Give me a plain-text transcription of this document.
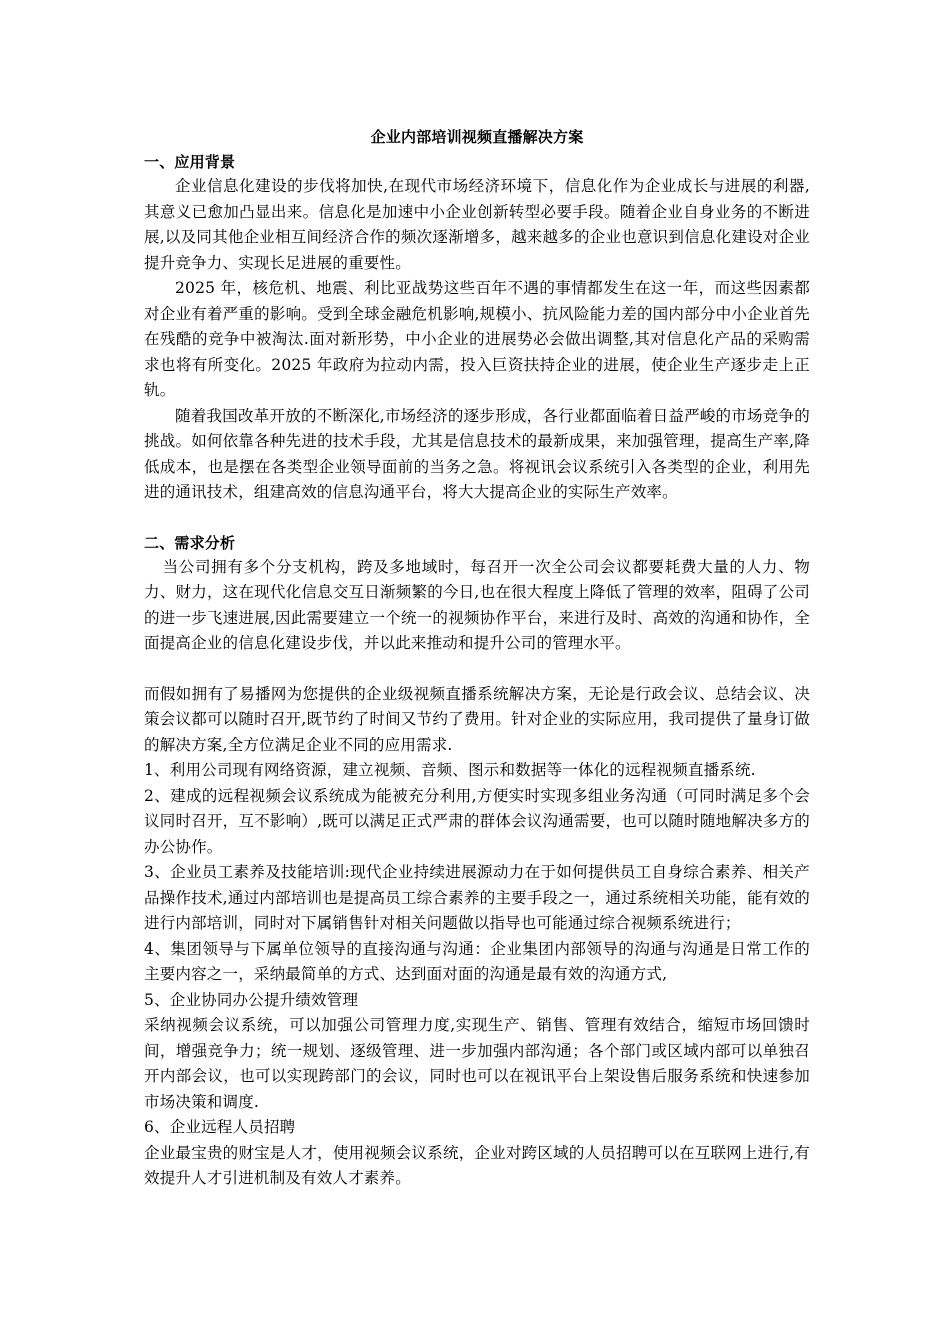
企业内部培训视频直播解决方案
一、应用背景

企业信息化建设的步伐将加快,在现代市场经济环境下，信息化作为企业成长与进展的利器,其意义已愈加凸显出来。信息化是加速中小企业创新转型必要手段。随着企业自身业务的不断进展,以及同其他企业相互间经济合作的频次逐渐增多，越来越多的企业也意识到信息化建设对企业提升竞争力、实现长足进展的重要性。

2025 年，核危机、地震、利比亚战势这些百年不遇的事情都发生在这一年，而这些因素都对企业有着严重的影响。受到全球金融危机影响,规模小、抗风险能力差的国内部分中小企业首先在残酷的竞争中被淘汰.面对新形势，中小企业的进展势必会做出调整,其对信息化产品的采购需求也将有所变化。2025 年政府为拉动内需，投入巨资扶持企业的进展，使企业生产逐步走上正轨。

随着我国改革开放的不断深化,市场经济的逐步形成，各行业都面临着日益严峻的市场竞争的挑战。如何依靠各种先进的技术手段，尤其是信息技术的最新成果，来加强管理，提高生产率,降低成本，也是摆在各类型企业领导面前的当务之急。将视讯会议系统引入各类型的企业，利用先进的通讯技术，组建高效的信息沟通平台，将大大提高企业的实际生产效率。

二、需求分析

当公司拥有多个分支机构，跨及多地域时，每召开一次全公司会议都要耗费大量的人力、物力、财力，这在现代化信息交互日渐频繁的今日,也在很大程度上降低了管理的效率，阻碍了公司的进一步飞速进展,因此需要建立一个统一的视频协作平台，来进行及时、高效的沟通和协作，全面提高企业的信息化建设步伐，并以此来推动和提升公司的管理水平。

而假如拥有了易播网为您提供的企业级视频直播系统解决方案，无论是行政会议、总结会议、决策会议都可以随时召开,既节约了时间又节约了费用。针对企业的实际应用，我司提供了量身订做的解决方案,全方位满足企业不同的应用需求.

1、利用公司现有网络资源，建立视频、音频、图示和数据等一体化的远程视频直播系统.

2、建成的远程视频会议系统成为能被充分利用,方便实时实现多组业务沟通（可同时满足多个会议同时召开，互不影响）,既可以满足正式严肃的群体会议沟通需要，也可以随时随地解决多方的办公协作。

3、企业员工素养及技能培训:现代企业持续进展源动力在于如何提供员工自身综合素养、相关产品操作技术,通过内部培训也是提高员工综合素养的主要手段之一，通过系统相关功能，能有效的进行内部培训，同时对下属销售针对相关问题做以指导也可能通过综合视频系统进行；

4、集团领导与下属单位领导的直接沟通与沟通：企业集团内部领导的沟通与沟通是日常工作的主要内容之一，采纳最简单的方式、达到面对面的沟通是最有效的沟通方式,

5、企业协同办公提升绩效管理

采纳视频会议系统，可以加强公司管理力度,实现生产、销售、管理有效结合，缩短市场回馈时间，增强竞争力；统一规划、逐级管理、进一步加强内部沟通；各个部门或区域内部可以单独召开内部会议，也可以实现跨部门的会议，同时也可以在视讯平台上架设售后服务系统和快速参加市场决策和调度.

6、企业远程人员招聘

企业最宝贵的财宝是人才，使用视频会议系统，企业对跨区域的人员招聘可以在互联网上进行,有效提升人才引进机制及有效人才素养。
